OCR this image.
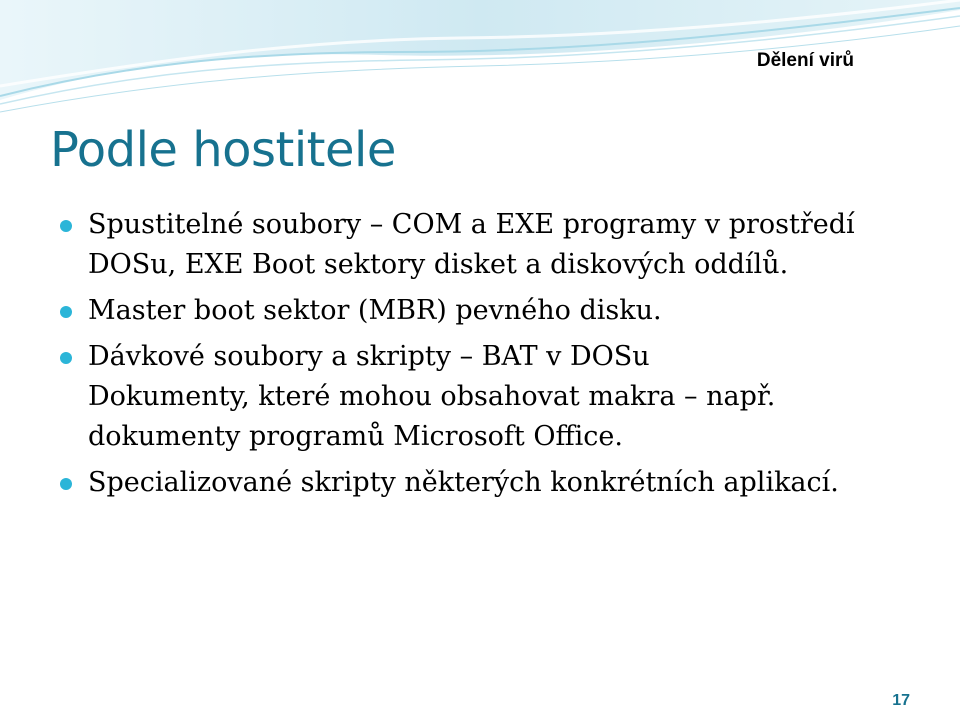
Dělení virů
Podle hostitele
Spustitelné soubory – COM a EXE programy v prostředí DOSu, EXE Boot sektory disket a diskových oddílů.
Master boot sektor (MBR) pevného disku.
Dávkové soubory a skripty – BAT v DOSu
Dokumenty, které mohou obsahovat makra – např. dokumenty programů Microsoft Office.
Specializované skripty některých konkrétních aplikací.
17
